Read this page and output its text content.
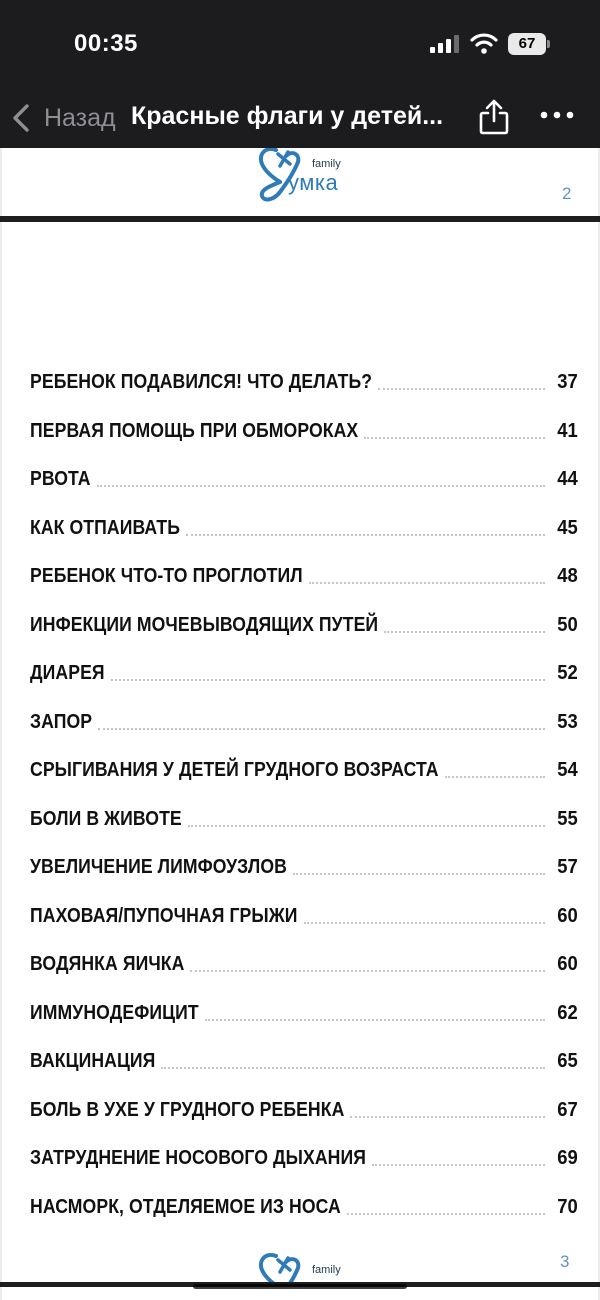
00:35	67
Назад Красные флаги у детей...
family
умка	2
РЕБЕНОК ПОДАВИЛСЯ! ЧТО ДЕЛАТЬ?	37
ПЕРВАЯ ПОМОЩЬ ПРИ ОБМОРОКАХ	41
РВОТА	44
КАК ОТПАИВАТЬ	45
РЕБЕНОК ЧТО-ТО ПРОГЛОТИЛ	48
ИНФЕКЦИИ МОЧЕВЫВОДЯЩИХ ПУТЕЙ	50
ДИАРЕЯ	52
ЗАПОР	53
СРЫГИВАНИЯ У ДЕТЕЙ ГРУДНОГО ВОЗРАСТА	54
БОЛИ В ЖИВОТЕ	55
УВЕЛИЧЕНИЕ ЛИМФОУЗЛОВ	57
ПАХОВАЯ/ПУПОЧНАЯ ГРЫЖИ	60
ВОДЯНКА ЯИЧКА	60
ИММУНОДЕФИЦИТ	62
ВАКЦИНАЦИЯ	65
БОЛЬ В УХЕ У ГРУДНОГО РЕБЕНКА	67
ЗАТРУДНЕНИЕ НОСОВОГО ДЫХАНИЯ	69
НАСМОРК, ОТДЕЛЯЕМОЕ ИЗ НОСА	70
family	3
